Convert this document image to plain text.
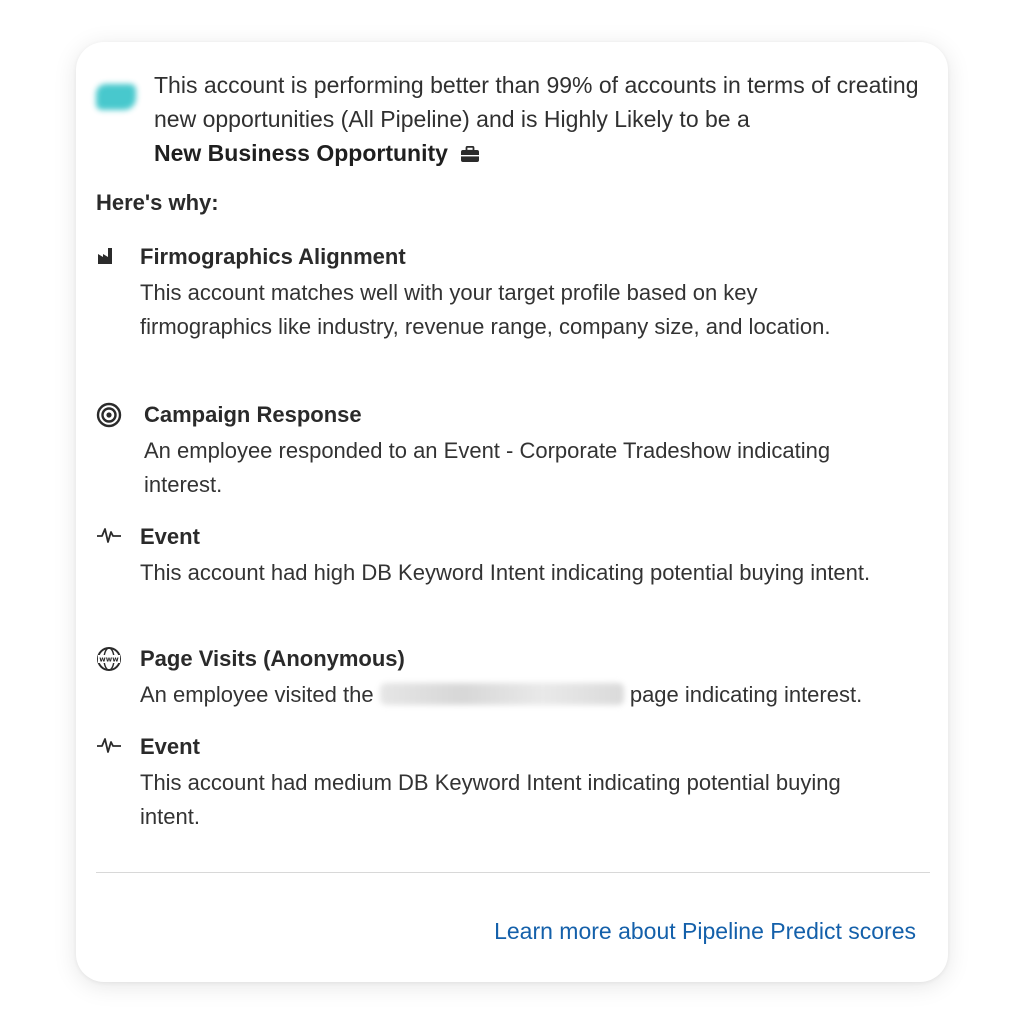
This account is performing better than 99% of accounts in terms of creating new opportunities (All Pipeline) and is Highly Likely to be a
New Business Opportunity
Here's why:
Firmographics Alignment
This account matches well with your target profile based on key firmographics like industry, revenue range, company size, and location.
Campaign Response
An employee responded to an Event - Corporate Tradeshow indicating interest.
Event
This account had high DB Keyword Intent indicating potential buying intent.
www Page Visits (Anonymous)
An employee visited the	page indicating interest.
Event
This account had medium DB Keyword Intent indicating potential buying intent.
Learn more about Pipeline Predict scores
